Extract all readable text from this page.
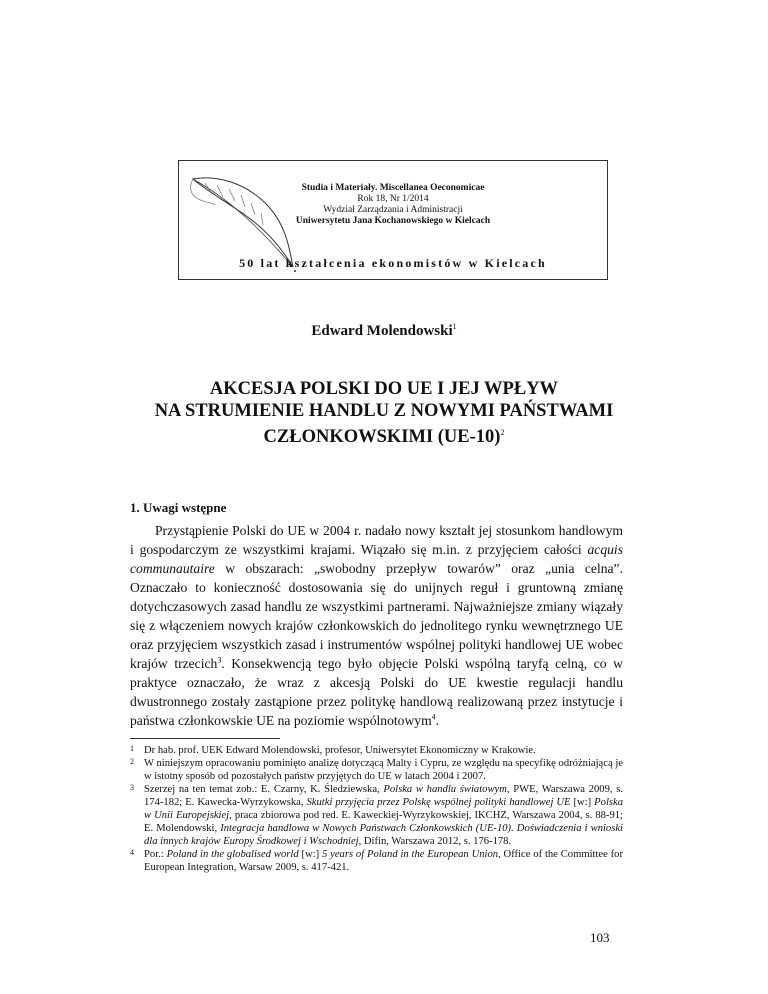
Studia i Materiały. Miscellanea Oeconomicae
Rok 18, Nr 1/2014
Wydział Zarządzania i Administracji
Uniwersytetu Jana Kochanowskiego w Kielcach
50 lat kształcenia ekonomistów w Kielcach
Edward Molendowski$^1$
AKCESJA POLSKI DO UE I JEJ WPŁYW
NA STRUMIENIE HANDLU Z NOWYMI PAŃSTWAMI
CZŁONKOWSKIMI $(UE-10)^2$
1. Uwagi wstępne
Przystąpienie Polski do UE w 2004 r. nadało nowy kształt jej stosunkom handlowym i gospodarczym ze wszystkimi krajami. Wiązało się m.in. z przyjęciem całości acquis communautaire w obszarach: „swobodny przepływ towarów” oraz „unia celna”. Oznaczało to konieczność dostosowania się do unijnych reguł i gruntowną zmianę dotychczasowych zasad handlu ze wszystkimi partnerami. Najważniejsze zmiany wiązały się z włączeniem nowych krajów członkowskich do jednolitego rynku wewnętrznego UE oraz przyjęciem wszystkich zasad i instrumentów wspólnej polityki handlowej UE wobec krajów trzecich$^3$. Konsekwencją tego było objęcie Polski wspólną taryfą celną, co w praktyce oznaczało, że wraz z akcesją Polski do UE kwestie regulacji handlu dwustronnego zostały zastąpione przez politykę handlową realizowaną przez instytucje i państwa członkowskie UE na poziomie wspólnotowym$^4$.
1 Dr hab. prof. UEK Edward Molendowski, profesor, Uniwersytet Ekonomiczny w Krakowie.
2 W niniejszym opracowaniu pominięto analizę dotyczącą Malty i Cypru, ze względu na specyfikę odróżniającą je w istotny sposób od pozostałych państw przyjętych do UE w latach 2004 i 2007.
3 Szerzej na ten temat zob.: E. Czarny, K. Śledziewska, Polska w handlu światowym, PWE, Warszawa 2009, s. 174-182; E. Kawecka-Wyrzykowska, Skutki przyjęcia przez Polskę wspólnej polityki handlowej UE [w:] Polska w Unii Europejskiej, praca zbiorowa pod red. E. Kaweckiej-Wyrzykowskiej, IKCHZ, Warszawa 2004, s. 88-91; E. Molendowski, Integracja handlowa w Nowych Państwach Członkowskich (UE-10). Doświadczenia i wnioski dla innych krajów Europy Środkowej i Wschodniej, Difin, Warszawa 2012, s. 176-178.
4 Por.: Poland in the globalised world [w:] 5 years of Poland in the European Union, Office of the Committee for European Integration, Warsaw 2009, s. 417-421.
103
